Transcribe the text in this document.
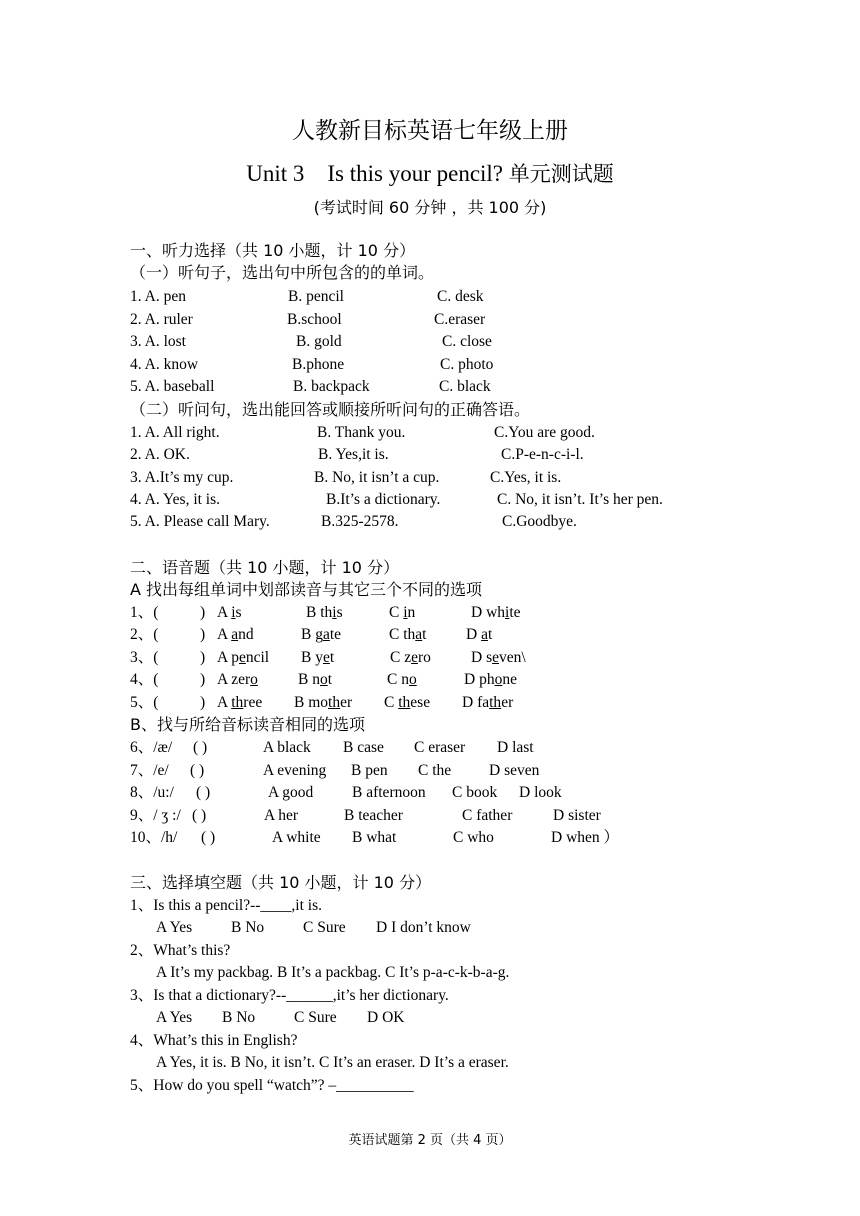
人教新目标英语七年级上册
Unit 3 Is this your pencil? 单元测试题
(考试时间 60 分钟 ，共 100 分)
一、听力选择（共 10 小题，计 10 分）
（一）听句子，选出句中所包含的的单词。
1. A. pen	B. pencil	C. desk
2. A. ruler	B.school	C.eraser
3. A. lost	B. gold	C. close
4. A. know	B.phone	C. photo
5. A. baseball	B. backpack	C. black
（二）听问句，选出能回答或顺接所听问句的正确答语。
1. A. All right.	B. Thank you.	C.You are good.
2. A. OK.	B. Yes,it is.	C.P-e-n-c-i-l.
3. A.It’s my cup.	B. No, it isn’t a cup.	C.Yes, it is.
4. A. Yes, it is.	B.It’s a dictionary.	C. No, it isn’t. It’s her pen.
5. A. Please call Mary.	B.325-2578.	C.Goodbye.
二、语音题（共 10 小题，计 10 分）
A 找出每组单词中划部读音与其它三个不同的选项
1、(	) A is	B this	C in	D white
2、(	) A and	B gate	C that	D at
3、(	) A pencil B yet	C zero	D seven\
4、(	) A zero	B not	C no	D phone
5、(	) A three B mother C these D father
B、找与所给音标读音相同的选项
6、/æ/ ( )	A black B case C eraser D last
7、/e/ ( )	A evening B pen C the D seven
8、/u:/ ( )	A good	B afternoon C book D look
9、/ ʒ :/ ( )	A her	B teacher	C father	D sister
10、/h/ ( )	A white B what	C who	D when ）
三、选择填空题（共 10 小题，计 10 分）
1、Is this a pencil?--____,it is.
A Yes	B No	C Sure D I don’t know
2、What’s this?
A It’s my packbag. B It’s a packbag. C It’s p-a-c-k-b-a-g.
3、Is that a dictionary?--______,it’s her dictionary.
A Yes B No	C Sure D OK
4、What’s this in English?
A Yes, it is. B No, it isn’t. C It’s an eraser. D It’s a eraser.
5、How do you spell “watch”? –__________
英语试题第 2 页（共 4 页）
